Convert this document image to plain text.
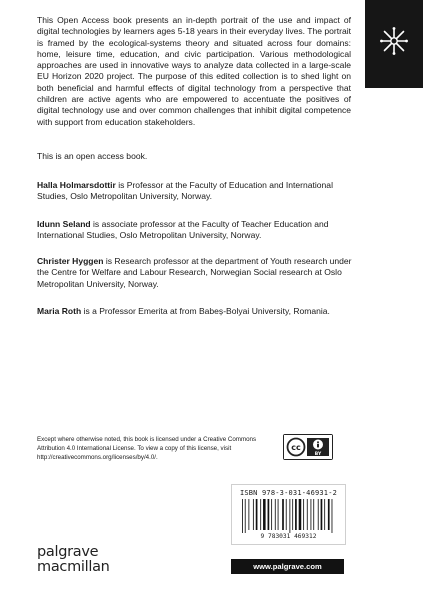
This Open Access book presents an in-depth portrait of the use and impact of digital technologies by learners ages 5-18 years in their everyday lives. The portrait is framed by the ecological-systems theory and situated across four domains: home, leisure time, education, and civic participation. Various methodological approaches are used in innovative ways to analyze data collected in a large-scale EU Horizon 2020 project. The purpose of this edited collection is to shed light on both beneficial and harmful effects of digital technology from a perspective that children are active agents who are empowered to accentuate the positives of digital technology use and over common challenges that inhibit digital competence with support from education stakeholders.

This is an open access book.

Halla Holmarsdottir is Professor at the Faculty of Education and International Studies, Oslo Metropolitan University, Norway.

Idunn Seland is associate professor at the Faculty of Teacher Education and International Studies, Oslo Metropolitan University, Norway.

Christer Hyggen is Research professor at the department of Youth research under the Centre for Welfare and Labour Research, Norwegian Social research at Oslo Metropolitan University, Norway.

Maria Roth is a Professor Emerita at from Babeș-Bolyai University, Romania.

Except where otherwise noted, this book is licensed under a Creative Commons Attribution 4.0 International License. To view a copy of this license, visit http://creativecommons.org/licenses/by/4.0/.

cc
BY
ISBN 978-3-031-46931-2
9 783031 469312
palgrave
macmillan	www.palgrave.com
